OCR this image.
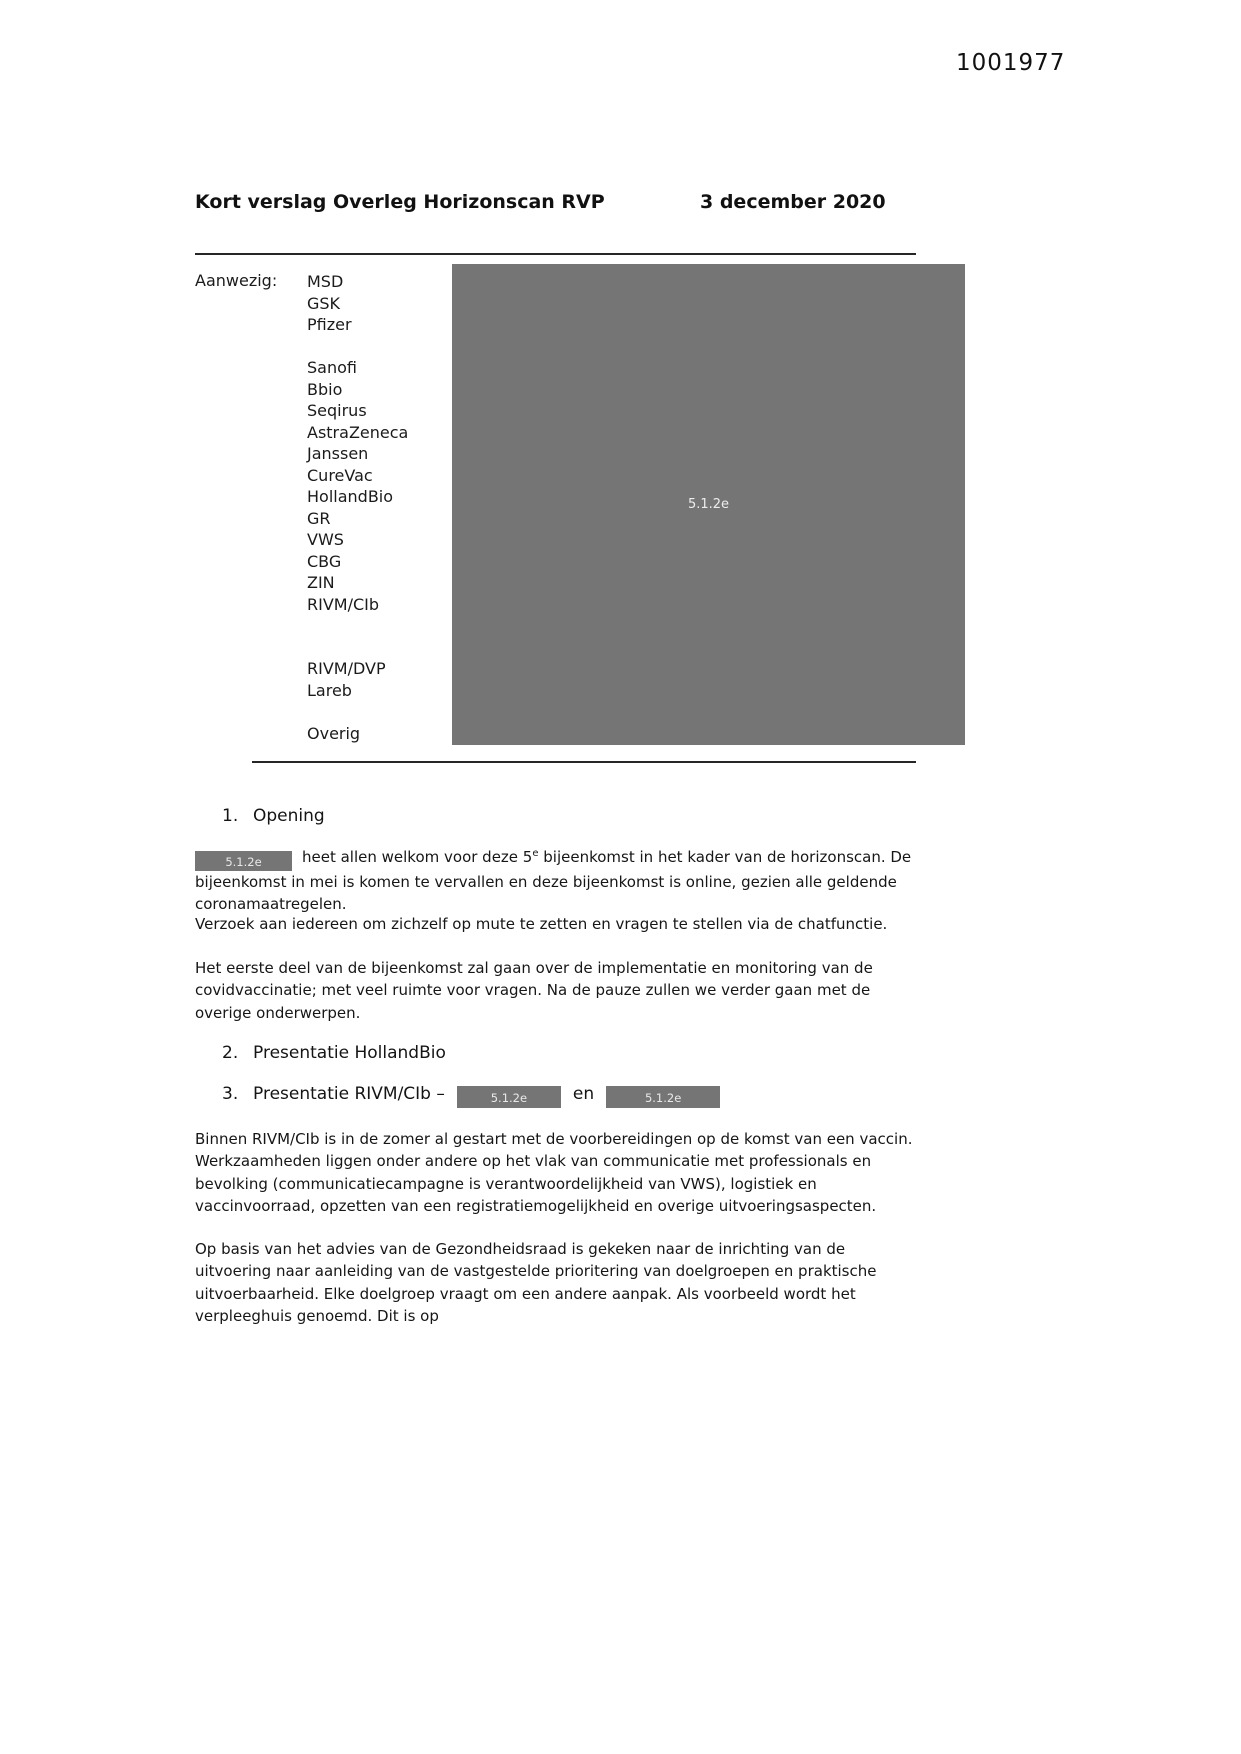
1001977
Kort verslag Overleg Horizonscan RVP	3 december 2020
Aanwezig: MSD
GSK
Pfizer
Sanofi
Bbio
Seqirus
AstraZeneca
Janssen
CureVac
HollandBio
GR
VWS
CBG
ZIN
RIVM/CIb
RIVM/DVP
Lareb
Overig
5.1.2e
1. Opening

5.1.2e	heet allen welkom voor deze 5e bijeenkomst in het kader van de horizonscan. De bijeenkomst in mei is komen te vervallen en deze bijeenkomst is online, gezien alle geldende coronamaatregelen.

Verzoek aan iedereen om zichzelf op mute te zetten en vragen te stellen via de chatfunctie.

Het eerste deel van de bijeenkomst zal gaan over de implementatie en monitoring van de covidvaccinatie; met veel ruimte voor vragen. Na de pauze zullen we verder gaan met de overige onderwerpen.

2. Presentatie HollandBio
3. Presentatie RIVM/CIb –	5.1.2e	en	5.1.2e

Binnen RIVM/CIb is in de zomer al gestart met de voorbereidingen op de komst van een vaccin. Werkzaamheden liggen onder andere op het vlak van communicatie met professionals en bevolking (communicatiecampagne is verantwoordelijkheid van VWS), logistiek en vaccinvoorraad, opzetten van een registratiemogelijkheid en overige uitvoeringsaspecten.

Op basis van het advies van de Gezondheidsraad is gekeken naar de inrichting van de uitvoering naar aanleiding van de vastgestelde prioritering van doelgroepen en praktische uitvoerbaarheid. Elke doelgroep vraagt om een andere aanpak. Als voorbeeld wordt het verpleeghuis genoemd. Dit is op
